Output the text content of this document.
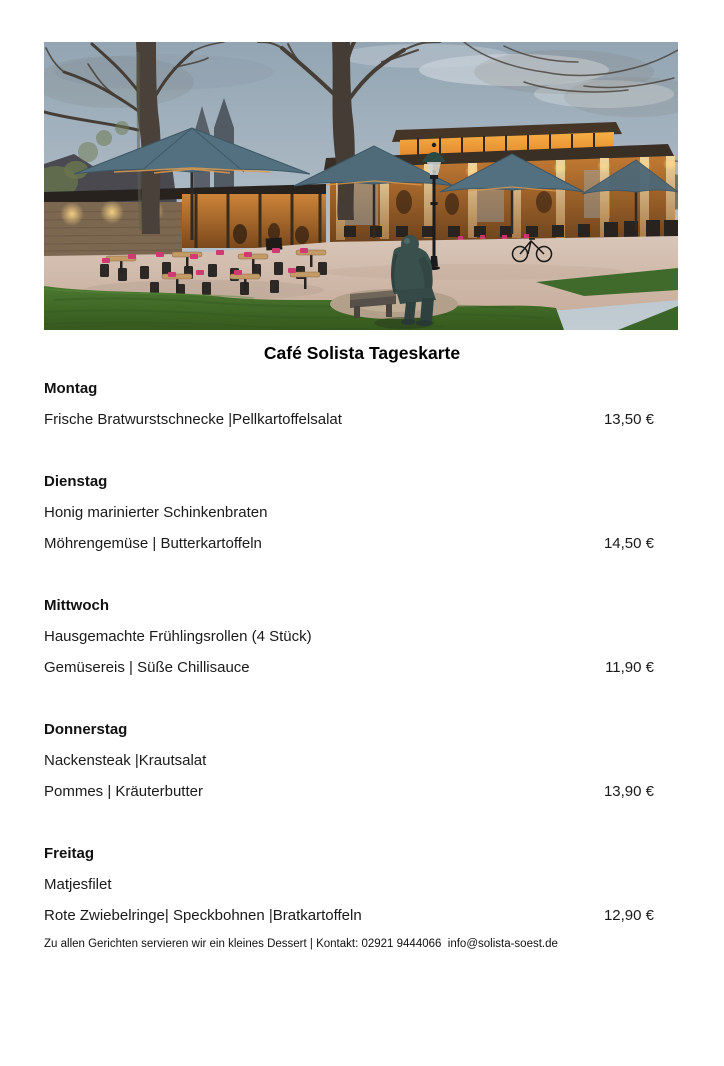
Café Solista Tageskarte
Montag
Frische Bratwurstschnecke |Pellkartoffelsalat	13,50 €
Dienstag
Honig marinierter Schinkenbraten
Möhrengemüse | Butterkartoffeln	14,50 €
Mittwoch
Hausgemachte Frühlingsrollen (4 Stück)
Gemüsereis | Süße Chillisauce	11,90 €
Donnerstag
Nackensteak |Krautsalat
Pommes | Kräuterbutter	13,90 €
Freitag
Matjesfilet
Rote Zwiebelringe| Speckbohnen |Bratkartoffeln	12,90 €
Zu allen Gerichten servieren wir ein kleines Dessert | Kontakt: 02921 9444066  info@solista-soest.de
